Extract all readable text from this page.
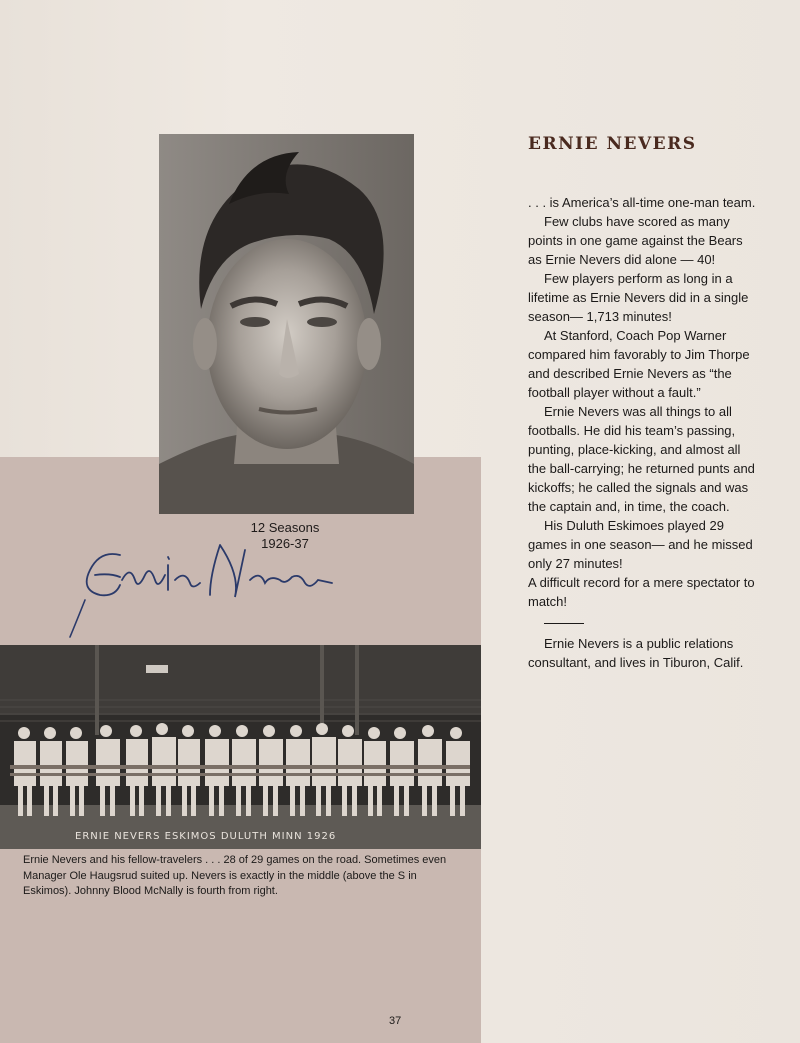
12 Seasons
1926-37
ERNIE NEVERS ESKIMOS DULUTH MINN 1926
Ernie Nevers and his fellow-travelers . . . 28 of 29 games on the road. Sometimes even Manager Ole Haugsrud suited up. Nevers is exactly in the middle (above the S in Eskimos). Johnny Blood McNally is fourth from right.
37
ERNIE NEVERS

. . . is America’s all-time one-man team.

Few clubs have scored as many points in one game against the Bears as Ernie Nevers did alone — 40!

Few players perform as long in a lifetime as Ernie Nevers did in a single season— 1,713 minutes!

At Stanford, Coach Pop Warner compared him favorably to Jim Thorpe and described Ernie Nevers as “the football player without a fault.”

Ernie Nevers was all things to all footballs. He did his team’s passing, punting, place-kicking, and almost all the ball-carrying; he returned punts and kickoffs; he called the signals and was the captain and, in time, the coach.

His Duluth Eskimoes played 29 games in one season— and he missed only 27 minutes!

A difficult record for a mere spectator to match!

Ernie Nevers is a public relations consultant, and lives in Tiburon, Calif.
